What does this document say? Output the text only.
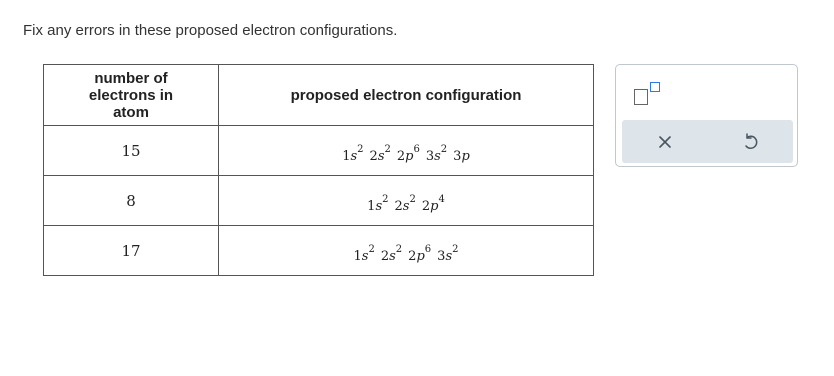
Fix any errors in these proposed electron configurations.
number of
electrons in
atom	proposed electron configuration
15	$1s^2$ $2s^2$ $2p^6$ $3s^2$ 3p
8	$1s^2$ $2s^2$ $2p^4$
17	$1s^2$ $2s^2$ $2p^6$ $3s^2$
